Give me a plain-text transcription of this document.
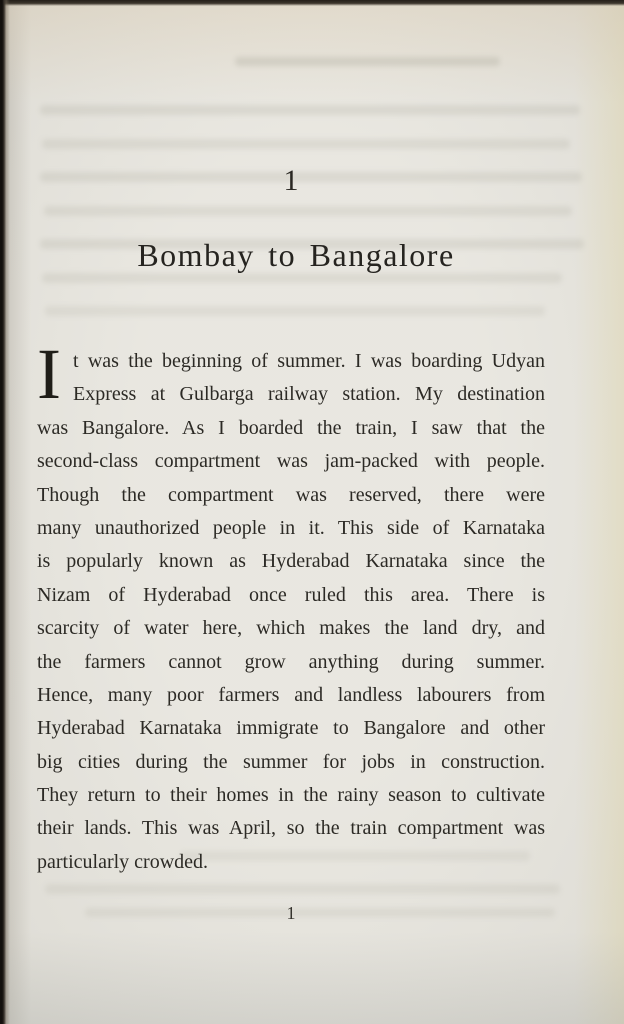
1
Bombay to Bangalore
I t was the beginning of summer. I was boarding Udyan
Express at Gulbarga railway station. My destination
was Bangalore. As I boarded the train, I saw that the
second-class compartment was jam-packed with people.
Though the compartment was reserved, there were
many unauthorized people in it. This side of Karnataka
is popularly known as Hyderabad Karnataka since the
Nizam of Hyderabad once ruled this area. There is
scarcity of water here, which makes the land dry, and
the farmers cannot grow anything during summer.
Hence, many poor farmers and landless labourers from
Hyderabad Karnataka immigrate to Bangalore and other
big cities during the summer for jobs in construction.
They return to their homes in the rainy season to cultivate
their lands. This was April, so the train compartment was
particularly crowded.
1
